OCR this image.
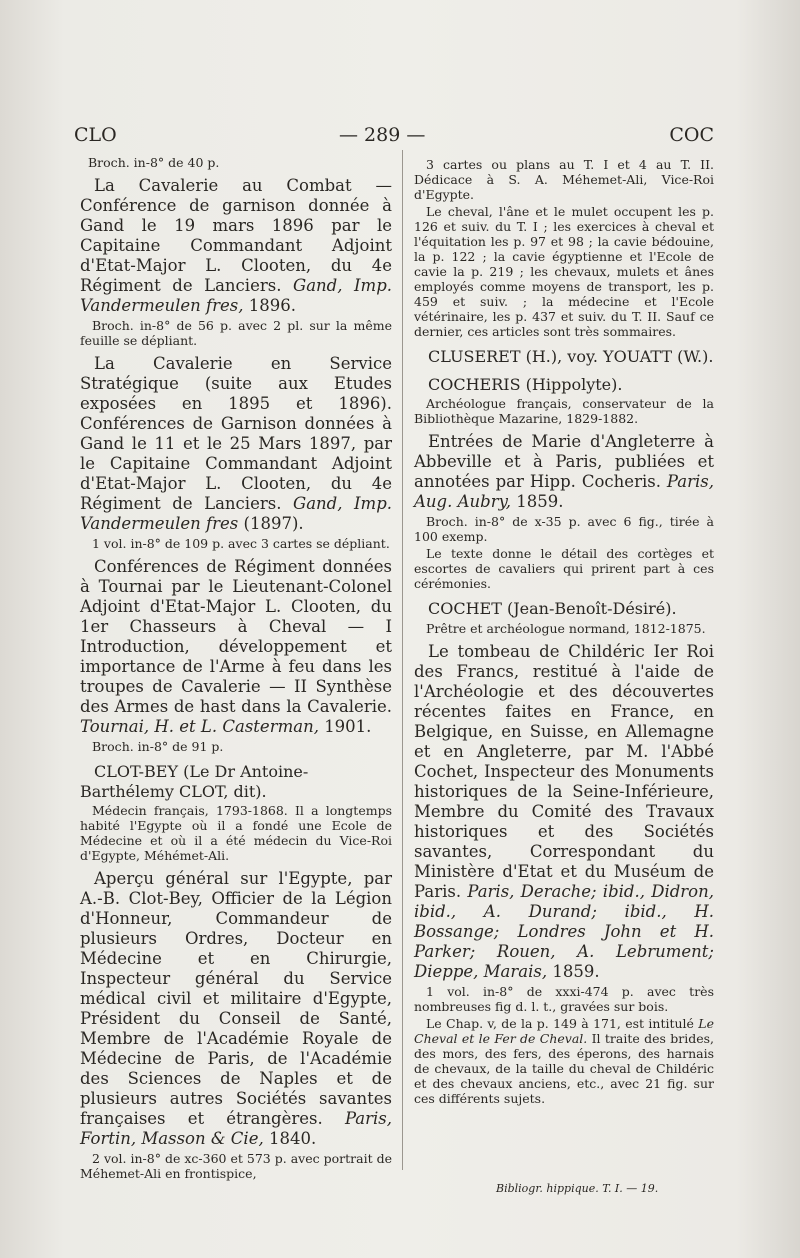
CLO	— 289 —	COC

Broch. in-8° de 40 p.

La Cavalerie au Combat — Conférence de garnison donnée à Gand le 19 mars 1896 par le Capitaine Commandant Adjoint d'Etat-Major L. Clooten, du 4e Régiment de Lanciers. Gand, Imp. Vandermeulen fres, 1896.

Broch. in-8° de 56 p. avec 2 pl. sur la même feuille se dépliant.

La Cavalerie en Service Stratégique (suite aux Etudes exposées en 1895 et 1896). Conférences de Garnison données à Gand le 11 et le 25 Mars 1897, par le Capitaine Commandant Adjoint d'Etat-Major L. Clooten, du 4e Régiment de Lanciers. Gand, Imp. Vandermeulen fres (1897).

1 vol. in-8° de 109 p. avec 3 cartes se dépliant.

Conférences de Régiment données à Tournai par le Lieutenant-Colonel Adjoint d'Etat-Major L. Clooten, du 1er Chasseurs à Cheval — I Introduction, développement et importance de l'Arme à feu dans les troupes de Cavalerie — II Synthèse des Armes de hast dans la Cavalerie. Tournai, H. et L. Casterman, 1901.

Broch. in-8° de 91 p.

CLOT-BEY (Le Dr Antoine-Barthélemy CLOT, dit).

Médecin français, 1793-1868. Il a longtemps habité l'Egypte où il a fondé une Ecole de Médecine et où il a été médecin du Vice-Roi d'Egypte, Méhémet-Ali.

Aperçu général sur l'Egypte, par A.-B. Clot-Bey, Officier de la Légion d'Honneur, Commandeur de plusieurs Ordres, Docteur en Médecine et en Chirurgie, Inspecteur général du Service médical civil et militaire d'Egypte, Président du Conseil de Santé, Membre de l'Académie Royale de Médecine de Paris, de l'Académie des Sciences de Naples et de plusieurs autres Sociétés savantes françaises et étrangères. Paris, Fortin, Masson & Cie, 1840.

2 vol. in-8° de xc-360 et 573 p. avec portrait de Méhemet-Ali en frontispice,

3 cartes ou plans au T. I et 4 au T. II. Dédicace à S. A. Méhemet-Ali, Vice-Roi d'Egypte.

Le cheval, l'âne et le mulet occupent les p. 126 et suiv. du T. I ; les exercices à cheval et l'équitation les p. 97 et 98 ; la cavie bédouine, la p. 122 ; la cavie égyptienne et l'Ecole de cavie la p. 219 ; les chevaux, mulets et ânes employés comme moyens de transport, les p. 459 et suiv. ; la médecine et l'Ecole vétérinaire, les p. 437 et suiv. du T. II. Sauf ce dernier, ces articles sont très sommaires.

CLUSERET (H.), voy. YOUATT (W.).

COCHERIS (Hippolyte).

Archéologue français, conservateur de la Bibliothèque Mazarine, 1829-1882.

Entrées de Marie d'Angleterre à Abbeville et à Paris, publiées et annotées par Hipp. Cocheris. Paris, Aug. Aubry, 1859.

Broch. in-8° de x-35 p. avec 6 fig., tirée à 100 exemp.

Le texte donne le détail des cortèges et escortes de cavaliers qui prirent part à ces cérémonies.

COCHET (Jean-Benoît-Désiré).

Prêtre et archéologue normand, 1812-1875.

Le tombeau de Childéric Ier Roi des Francs, restitué à l'aide de l'Archéologie et des découvertes récentes faites en France, en Belgique, en Suisse, en Allemagne et en Angleterre, par M. l'Abbé Cochet, Inspecteur des Monuments historiques de la Seine-Inférieure, Membre du Comité des Travaux historiques et des Sociétés savantes, Correspondant du Ministère d'Etat et du Muséum de Paris. Paris, Derache; ibid., Didron, ibid., A. Durand; ibid., H. Bossange; Londres John et H. Parker; Rouen, A. Lebrument; Dieppe, Marais, 1859.

1 vol. in-8° de xxxi-474 p. avec très nombreuses fig d. l. t., gravées sur bois.

Le Chap. v, de la p. 149 à 171, est intitulé Le Cheval et le Fer de Cheval. Il traite des brides, des mors, des fers, des éperons, des harnais de chevaux, de la taille du cheval de Childéric et des chevaux anciens, etc., avec 21 fig. sur ces différents sujets.

Bibliogr. hippique. T. I. — 19.
